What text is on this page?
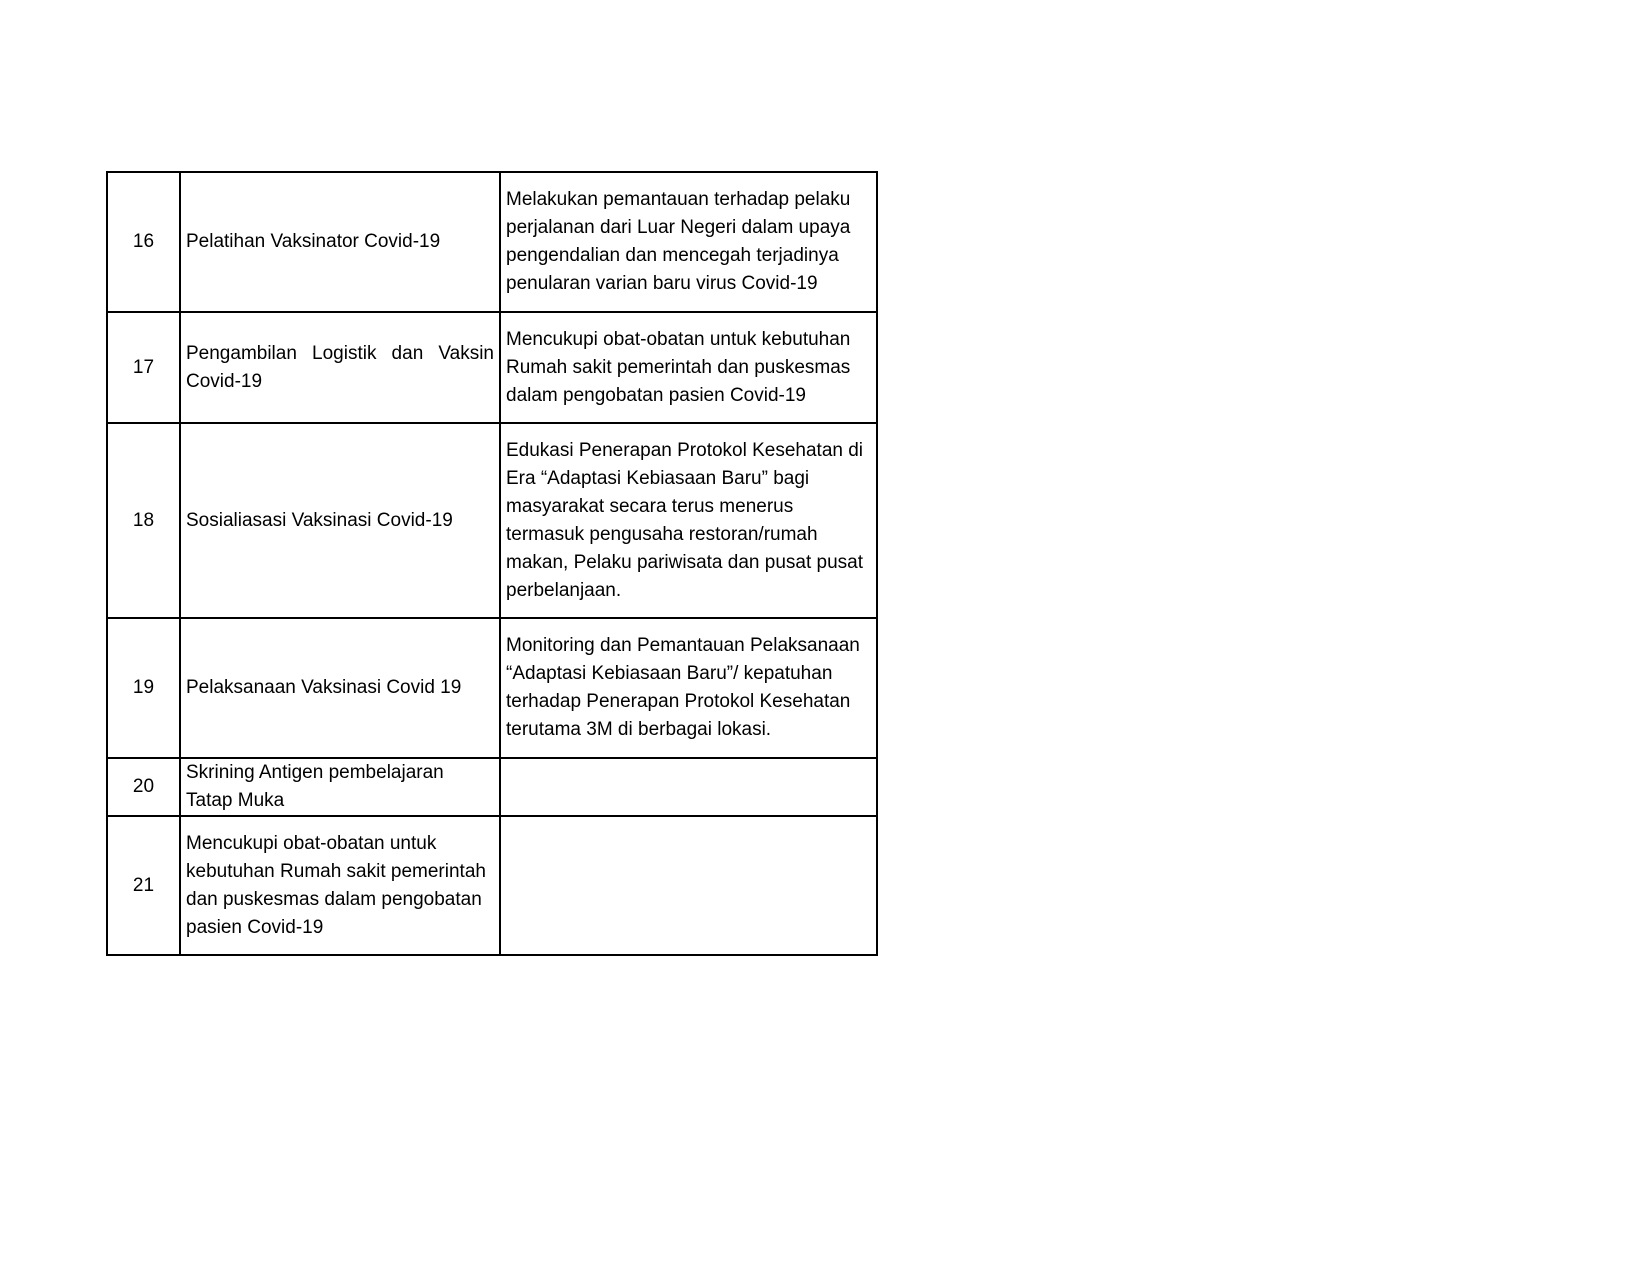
16	Pelatihan Vaksinator Covid-19	Melakukan pemantauan terhadap pelaku perjalanan dari Luar Negeri dalam upaya pengendalian dan mencegah terjadinya penularan varian baru virus Covid-19
17	Pengambilan Logistik dan Vaksin Covid-19	Mencukupi obat-obatan untuk kebutuhan Rumah sakit pemerintah dan puskesmas dalam pengobatan pasien Covid-19
18	Sosialiasasi Vaksinasi Covid-19	Edukasi Penerapan Protokol Kesehatan di Era “Adaptasi Kebiasaan Baru” bagi masyarakat secara terus menerus termasuk pengusaha restoran/rumah makan, Pelaku pariwisata dan pusat pusat perbelanjaan.
19	Pelaksanaan Vaksinasi Covid 19	Monitoring dan Pemantauan Pelaksanaan “Adaptasi Kebiasaan Baru”/ kepatuhan terhadap Penerapan Protokol Kesehatan terutama 3M di berbagai lokasi.
20	Skrining Antigen pembelajaran Tatap Muka	
21	Mencukupi obat-obatan untuk kebutuhan Rumah sakit pemerintah dan puskesmas dalam pengobatan pasien Covid-19	
